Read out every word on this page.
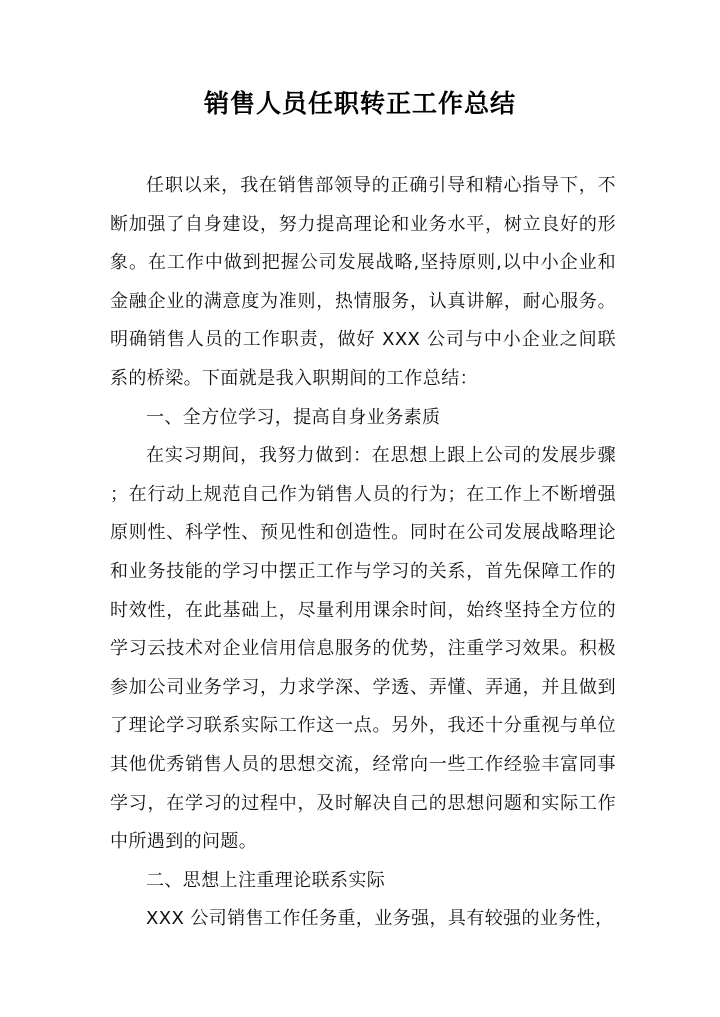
销售人员任职转正工作总结

任职以来，我在销售部领导的正确引导和精心指导下，不断加强了自身建设，努力提高理论和业务水平，树立良好的形象。在工作中做到把握公司发展战略,坚持原则,以中小企业和金融企业的满意度为准则，热情服务，认真讲解，耐心服务。明确销售人员的工作职责，做好 XXX 公司与中小企业之间联系的桥梁。下面就是我入职期间的工作总结：

一、全方位学习，提高自身业务素质

在实习期间，我努力做到：在思想上跟上公司的发展步骤；在行动上规范自己作为销售人员的行为；在工作上不断增强原则性、科学性、预见性和创造性。同时在公司发展战略理论和业务技能的学习中摆正工作与学习的关系，首先保障工作的时效性，在此基础上，尽量利用课余时间，始终坚持全方位的学习云技术对企业信用信息服务的优势，注重学习效果。积极参加公司业务学习，力求学深、学透、弄懂、弄通，并且做到了理论学习联系实际工作这一点。另外，我还十分重视与单位其他优秀销售人员的思想交流，经常向一些工作经验丰富同事学习，在学习的过程中，及时解决自己的思想问题和实际工作中所遇到的问题。

二、思想上注重理论联系实际

XXX 公司销售工作任务重，业务强，具有较强的业务性，
